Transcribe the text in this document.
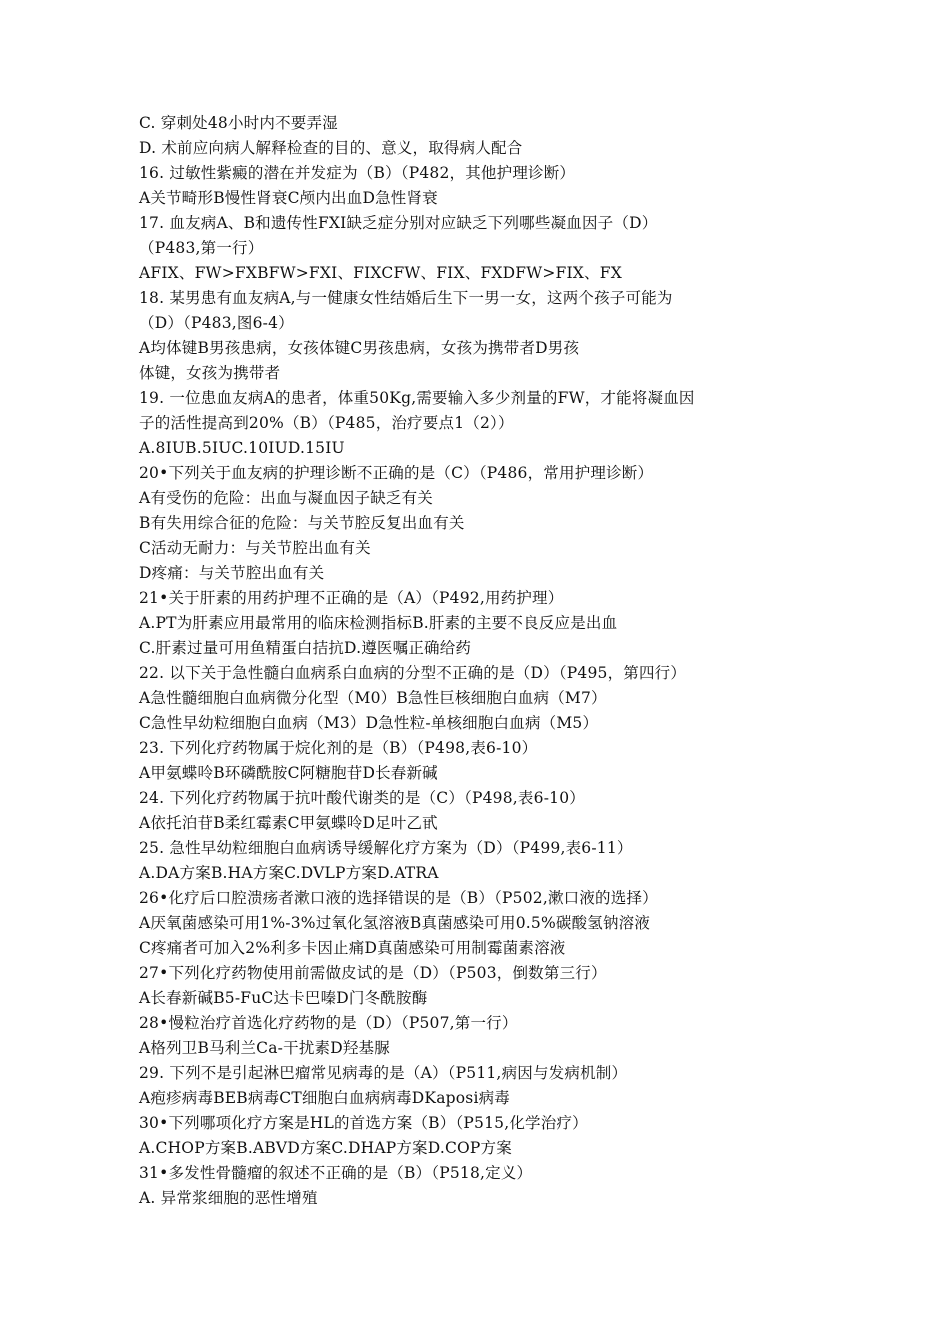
C. 穿刺处48小时内不要弄湿
D. 术前应向病人解释检查的目的、意义，取得病人配合
16. 过敏性紫癜的潜在并发症为（B）（P482，其他护理诊断）
A关节畸形B慢性肾衰C颅内出血D急性肾衰
17. 血友病A、B和遗传性FXI缺乏症分别对应缺乏下列哪些凝血因子（D）
（P483,第一行）
AFIX、FW>FXBFW>FXI、FIXCFW、FIX、FXDFW>FIX、FX
18. 某男患有血友病A,与一健康女性结婚后生下一男一女，这两个孩子可能为
（D）（P483,图6-4）
A均体键B男孩患病，女孩体键C男孩患病，女孩为携带者D男孩
体键，女孩为携带者
19. 一位患血友病A的患者，体重50Kg,需要输入多少剂量的FW，才能将凝血因
子的活性提高到20%（B）（P485，治疗要点1（2））
A.8IUB.5IUC.10IUD.15IU
20•下列关于血友病的护理诊断不正确的是（C）（P486，常用护理诊断）
A有受伤的危险：出血与凝血因子缺乏有关
B有失用综合征的危险：与关节腔反复出血有关
C活动无耐力：与关节腔出血有关
D疼痛：与关节腔出血有关
21•关于肝素的用药护理不正确的是（A）（P492,用药护理）
A.PT为肝素应用最常用的临床检测指标B.肝素的主要不良反应是出血
C.肝素过量可用鱼精蛋白拮抗D.遵医嘱正确给药
22. 以下关于急性髓白血病系白血病的分型不正确的是（D）（P495，第四行）
A急性髓细胞白血病微分化型（M0）B急性巨核细胞白血病（M7）
C急性早幼粒细胞白血病（M3）D急性粒-单核细胞白血病（M5）
23. 下列化疗药物属于烷化剂的是（B）（P498,表6-10）
A甲氨蝶呤B环磷酰胺C阿糖胞苷D长春新碱
24. 下列化疗药物属于抗叶酸代谢类的是（C）（P498,表6-10）
A依托泊苷B柔红霉素C甲氨蝶呤D足叶乙甙
25. 急性早幼粒细胞白血病诱导缓解化疗方案为（D）（P499,表6-11）
A.DA方案B.HA方案C.DVLP方案D.ATRA
26•化疗后口腔溃疡者漱口液的选择错误的是（B）（P502,漱口液的选择）
A厌氧菌感染可用1%-3%过氧化氢溶液B真菌感染可用0.5%碳酸氢钠溶液
C疼痛者可加入2%利多卡因止痛D真菌感染可用制霉菌素溶液
27•下列化疗药物使用前需做皮试的是（D）（P503，倒数第三行）
A长春新碱B5-FuC达卡巴嗪D门冬酰胺酶
28•慢粒治疗首选化疗药物的是（D）（P507,第一行）
A格列卫B马利兰Ca-干扰素D羟基脲
29. 下列不是引起淋巴瘤常见病毒的是（A）（P511,病因与发病机制）
A疱疹病毒BEB病毒CT细胞白血病病毒DKaposi病毒
30•下列哪项化疗方案是HL的首选方案（B）（P515,化学治疗）
A.CHOP方案B.ABVD方案C.DHAP方案D.COP方案
31•多发性骨髓瘤的叙述不正确的是（B）（P518,定义）
A. 异常浆细胞的恶性增殖
